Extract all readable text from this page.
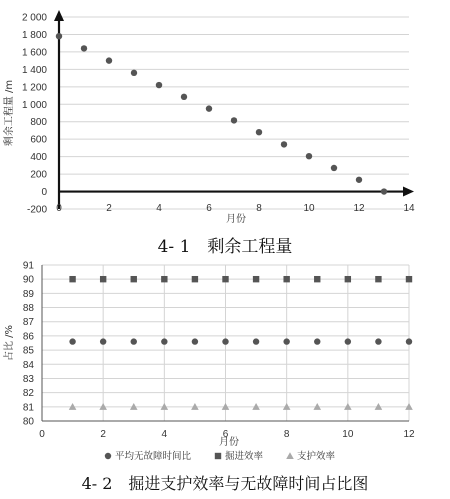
-200
0
200
400
600
800
1 000
1 200
1 400
1 600
1 800
2 000
0	2	4	6	8	10	12	14
月份
剩余工程量 /m
4- 1　剩余工程量
80
81
82
83
84
85
86
87
88
89
90
91
0	2	4	6	8	10	12
月份
占比 /%
平均无故障时间比	掘进效率	支护效率
4- 2　掘进支护效率与无故障时间占比图
